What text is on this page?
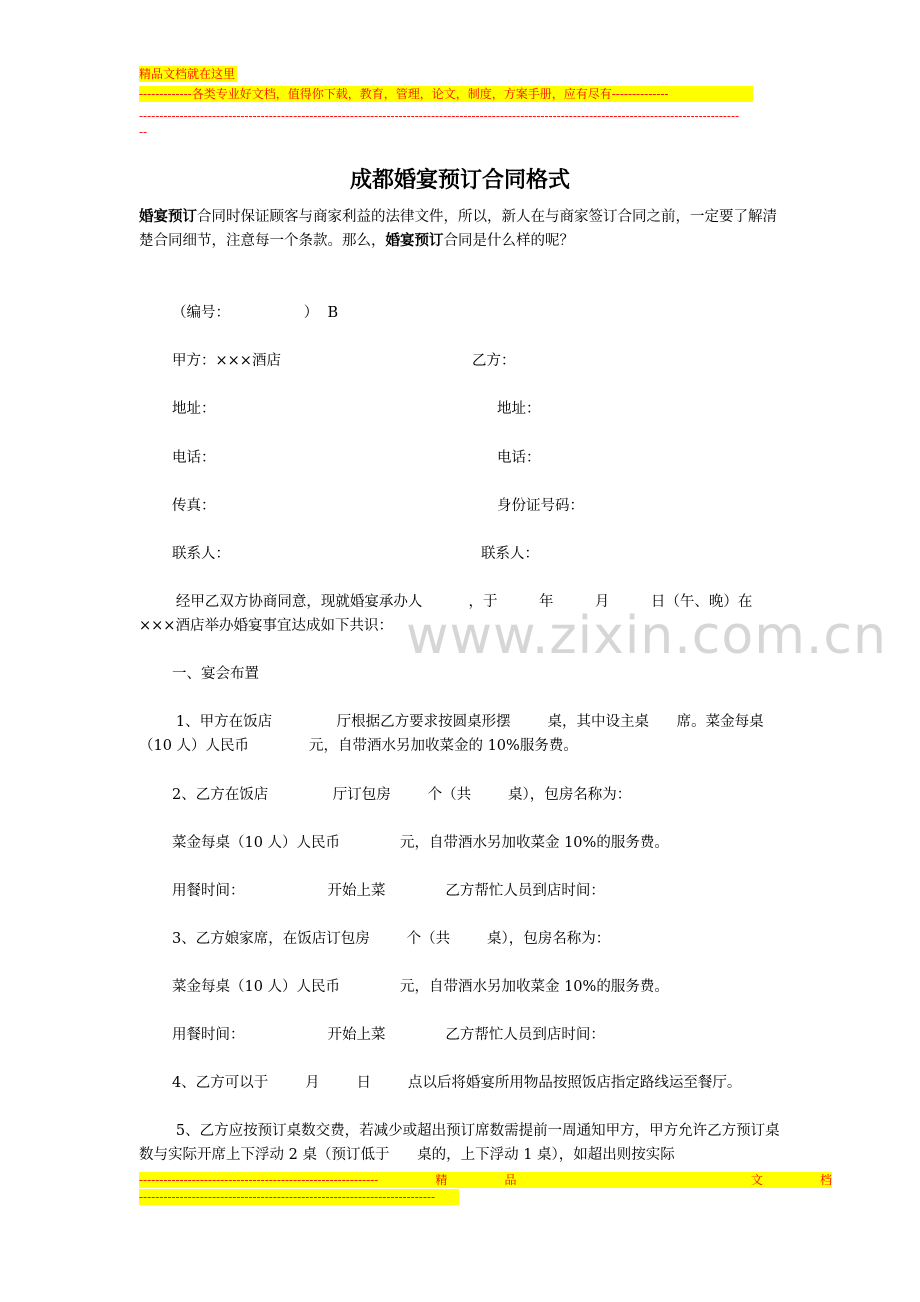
精品文档就在这里
-------------各类专业好文档，值得你下载，教育，管理，论文，制度，方案手册，应有尽有--------------
----------------------------------------------------------------------------------------------------------------------------------------------------
--
www.zixin.com.cn
成都婚宴预订合同格式
婚宴预订合同时保证顾客与商家利益的法律文件，所以，新人在与商家签订合同之前，一定要了解清楚合同细节，注意每一个条款。那么，婚宴预订合同是什么样的呢？
（编号：                ）  B
甲方：×××酒店	乙方：
地址：	地址：
电话：	电话：
传真：	身份证号码：
联系人：	联系人：
经甲乙双方协商同意，现就婚宴承办人          ，于         年         月         日（午、晚）在×××酒店举办婚宴事宜达成如下共识：
一、宴会布置
1、甲方在饭店              厅根据乙方要求按圆桌形摆        桌，其中设主桌      席。菜金每桌（10 人）人民币             元，自带酒水另加收菜金的 10%服务费。
2、乙方在饭店              厅订包房        个（共        桌），包房名称为：
菜金每桌（10 人）人民币             元，自带酒水另加收菜金 10%的服务费。
用餐时间：                  开始上菜             乙方帮忙人员到店时间：
3、乙方娘家席，在饭店订包房        个（共        桌），包房名称为：
菜金每桌（10 人）人民币             元，自带酒水另加收菜金 10%的服务费。
用餐时间：                  开始上菜             乙方帮忙人员到店时间：
4、乙方可以于        月        日        点以后将婚宴所用物品按照饭店指定路线运至餐厅。
5、乙方应按预订桌数交费，若减少或超出预订席数需提前一周通知甲方，甲方允许乙方预订桌数与实际开席上下浮动 2 桌（预订低于      桌的，上下浮动 1 桌），如超出则按实际
-----------------------------------------------------------	精	品	文	档
-------------------------------------------------------------------------
